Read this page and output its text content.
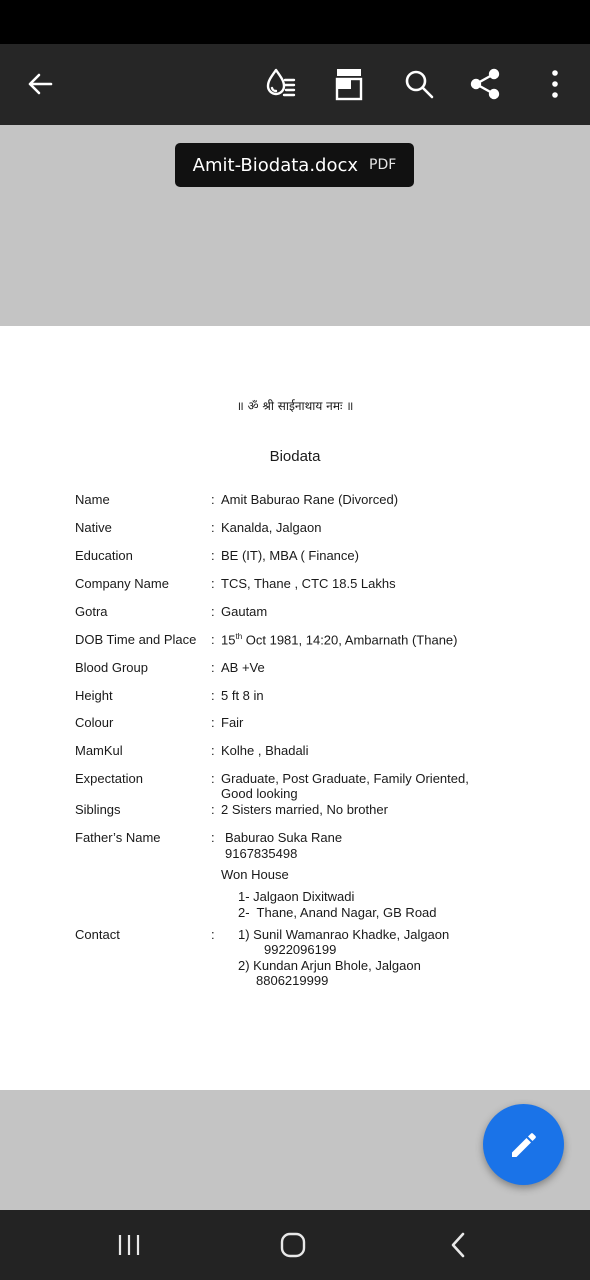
Amit-Biodata.docx PDF
॥ ॐ श्री साईनाथाय नमः ॥
Biodata
Name	: Amit Baburao Rane (Divorced)
Native	: Kanalda, Jalgaon
Education	: BE (IT), MBA ( Finance)
Company Name	: TCS, Thane , CTC 18.5 Lakhs
Gotra	: Gautam
DOB Time and Place : 15th Oct 1981, 14:20, Ambarnath (Thane)
Blood Group	: AB +Ve
Height	: 5 ft 8 in
Colour	: Fair
MamKul	: Kolhe , Bhadali
Expectation	: Graduate, Post Graduate, Family Oriented,
Good looking
Siblings	: 2 Sisters married, No brother
Father’s Name	: Baburao Suka Rane
9167835498
Won House
1- Jalgaon Dixitwadi
2-  Thane, Anand Nagar, GB Road
Contact	: 1) Sunil Wamanrao Khadke, Jalgaon
9922096199
2) Kundan Arjun Bhole, Jalgaon
8806219999
